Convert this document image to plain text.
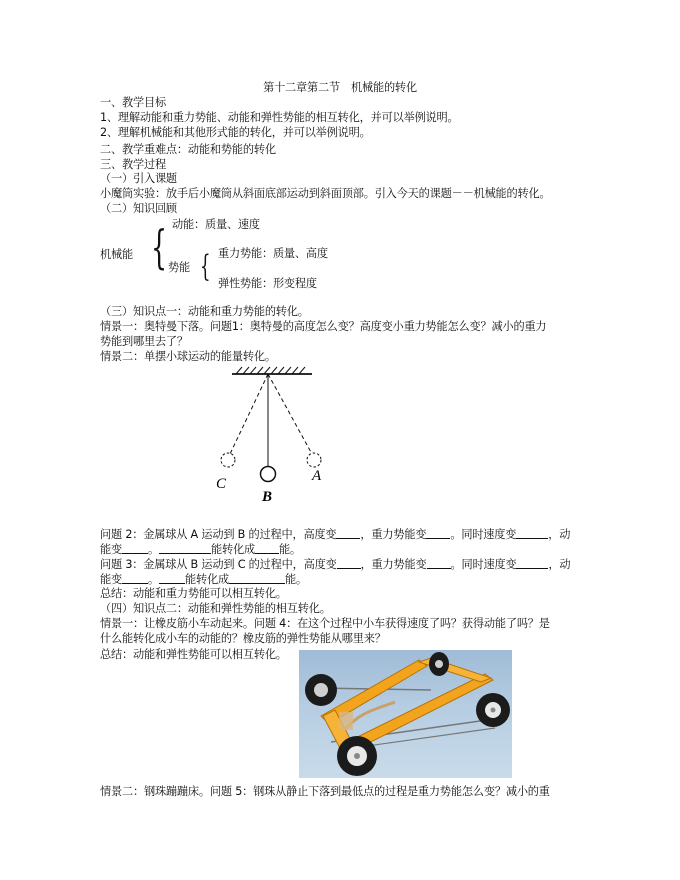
第十二章第二节　机械能的转化
一、教学目标
1、理解动能和重力势能、动能和弹性势能的相互转化，并可以举例说明。
2、理解机械能和其他形式能的转化，并可以举例说明。
二、教学重难点：动能和势能的转化
三、教学过程
（一）引入课题
小魔筒实验：放手后小魔筒从斜面底部运动到斜面顶部。引入今天的课题－－机械能的转化。
（二）知识回顾
机械能 { 动能：质量、速度
势能 { 重力势能：质量、高度
弹性势能：形变程度
（三）知识点一：动能和重力势能的转化。
情景一：奥特曼下落。问题1：奥特曼的高度怎么变？高度变小重力势能怎么变？减小的重力
势能到哪里去了？
情景二：单摆小球运动的能量转化。
C
B
A
问题 2：金属球从 A 运动到 B 的过程中，高度变 ，重力势能变 。同时速度变	，动
能变 。	能转化成 能。
问题 3：金属球从 B 运动到 C 的过程中，高度变 ，重力势能变 。同时速度变	，动
能变 。 能转化成	能。
总结：动能和重力势能可以相互转化。
（四）知识点二：动能和弹性势能的相互转化。
情景一：让橡皮筋小车动起来。问题 4：在这个过程中小车获得速度了吗？获得动能了吗？是
什么能转化成小车的动能的？橡皮筋的弹性势能从哪里来？
总结：动能和弹性势能可以相互转化。
情景二：钢珠蹦蹦床。问题 5：钢珠从静止下落到最低点的过程是重力势能怎么变？减小的重
